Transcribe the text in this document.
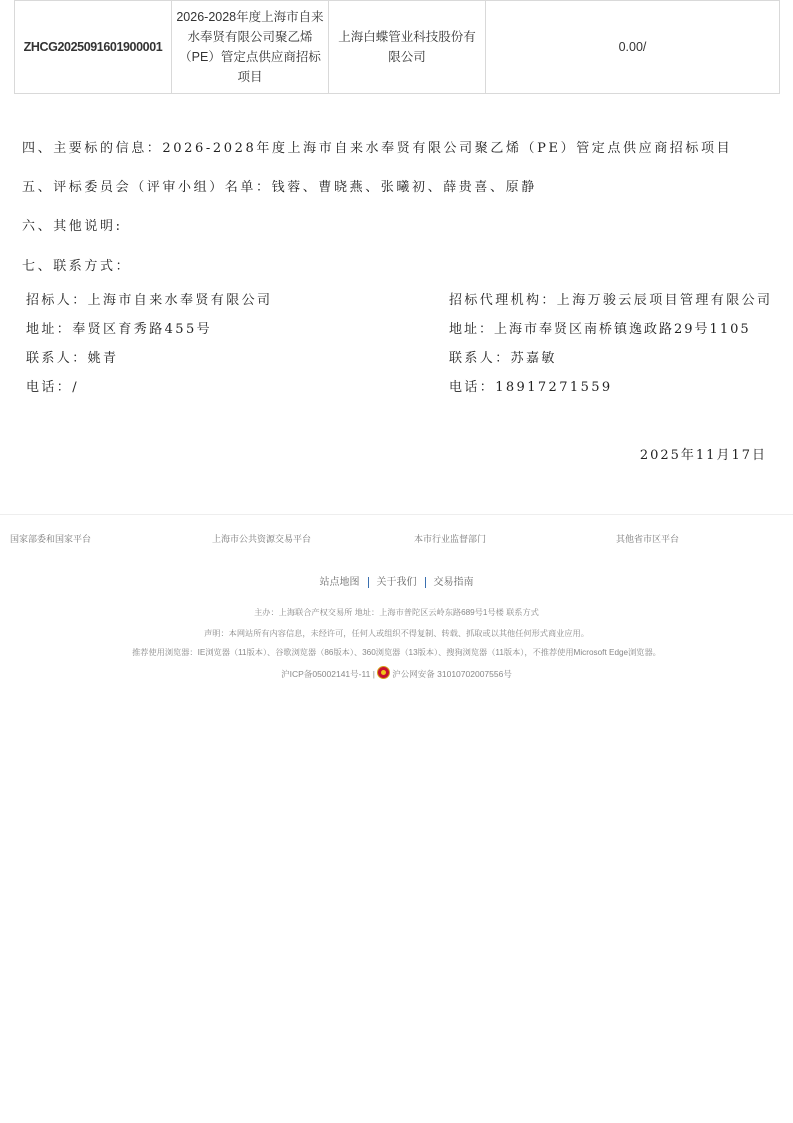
ZHCG2025091601900001	2026-2028年度上海市自来水奉贤有限公司聚乙烯（PE）管定点供应商招标项目	上海白蝶管业科技股份有限公司	0.00/
四、主要标的信息：2026-2028年度上海市自来水奉贤有限公司聚乙烯（PE）管定点供应商招标项目
五、评标委员会（评审小组）名单：钱蓉、曹晓燕、张曦初、薛贵喜、原静
六、其他说明:
七、联系方式：
招标人：上海市自来水奉贤有限公司
地址：奉贤区育秀路455号
联系人：姚青
电话：/
招标代理机构：上海万骏云辰项目管理有限公司
地址：上海市奉贤区南桥镇逸政路29号1105
联系人：苏嘉敏
电话：18917271559
2025年11月17日
国家部委和国家平台	上海市公共资源交易平台	本市行业监督部门	其他省市区平台
站点地图 关于我们 交易指南
主办：上海联合产权交易所 地址：上海市普陀区云岭东路689号1号楼 联系方式
声明：本网站所有内容信息，未经许可，任何人或组织不得复制、转载、抓取或以其他任何形式商业应用。
推荐使用浏览器：IE浏览器（11版本）、谷歌浏览器（86版本）、360浏览器（13版本）、搜狗浏览器（11版本），不推荐使用Microsoft Edge浏览器。
沪ICP备05002141号-11 | 沪公网安备 31010702007556号
